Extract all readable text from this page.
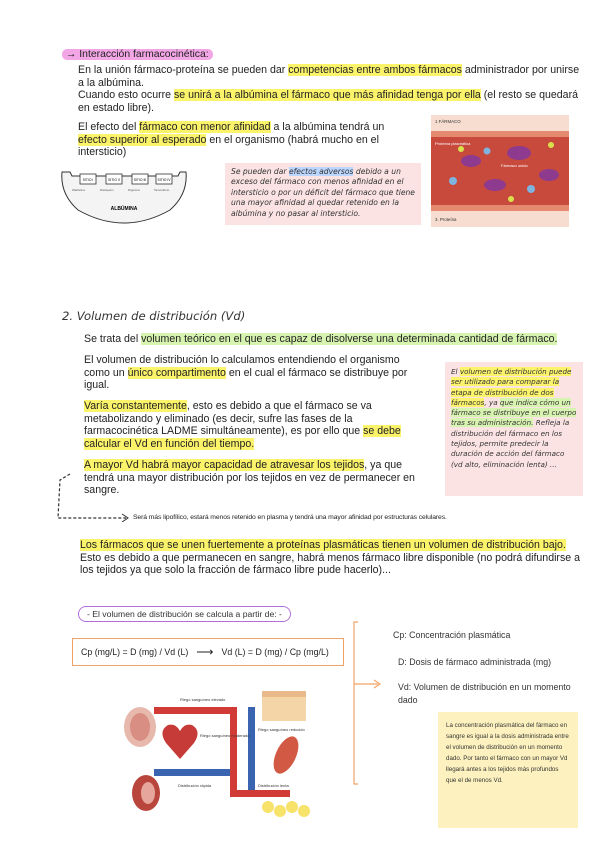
→ Interacción farmacocinética:

En la unión fármaco-proteína se pueden dar competencias entre ambos fármacos administrador por unirse a la albúmina.

Cuando esto ocurre se unirá a la albúmina el fármaco que más afinidad tenga por ella (el resto se quedará en estado libre).

El efecto del fármaco con menor afinidad a la albúmina tendrá un efecto superior al esperado en el organismo (habrá mucho en el intersticio)

SITIO I	SITIO II	SITIO III	SITIO IV
Warfarina	Diazepam	Digoxina	Tamoxifeno
ALBÚMINA

Se pueden dar efectos adversos debido a un exceso del fármaco con menos afinidad en el intersticio o por un déficit del fármaco que tiene una mayor afinidad al quedar retenido en la albúmina y no pasar al intersticio.

1 FÁRMACO
Proteína plasmática
Fármaco unido
3. Proteína
2. Volumen de distribución (Vd)

Se trata del volumen teórico en el que es capaz de disolverse una determinada cantidad de fármaco.

El volumen de distribución lo calculamos entendiendo el organismo como un único compartimento en el cual el fármaco se distribuye por igual.

Varía constantemente, esto es debido a que el fármaco se va metabolizando y eliminado (es decir, sufre las fases de la farmacocinética LADME simultáneamente), es por ello que se debe calcular el Vd en función del tiempo.

A mayor Vd habrá mayor capacidad de atravesar los tejidos, ya que tendrá una mayor distribución por los tejidos en vez de permanecer en sangre.

Será más lipofílico, estará menos retenido en plasma y tendrá una mayor afinidad por estructuras celulares.

El volumen de distribución puede ser utilizado para comparar la etapa de distribución de dos fármacos, ya que indica cómo un fármaco se distribuye en el cuerpo tras su administración. Refleja la distribución del fármaco en los tejidos, permite predecir la duración de acción del fármaco (vd alto, eliminación lenta) ...

Los fármacos que se unen fuertemente a proteínas plasmáticas tienen un volumen de distribución bajo. Esto es debido a que permanecen en sangre, habrá menos fármaco libre disponible (no podrá difundirse a los tejidos ya que solo la fracción de fármaco libre pude hacerlo)...

- El volumen de distribución se calcula a partir de: -
Cp (mg/L) = D (mg) / Vd (L) ⟶ Vd (L) = D (mg) / Cp (mg/L)
Cp: Concentración plasmática
D: Dosis de fármaco administrada (mg)
Vd: Volumen de distribución en un momento dado

La concentración plasmática del fármaco en sangre es igual a la dosis administrada entre el volumen de distribución en un momento dado. Por tanto el fármaco con un mayor Vd llegará antes a los tejidos más profundos que el de menos Vd.

Riego sanguíneo elevado
Distribución rápida
Riego sanguíneo moderado
Riego sanguíneo reducido
Distribución lenta
